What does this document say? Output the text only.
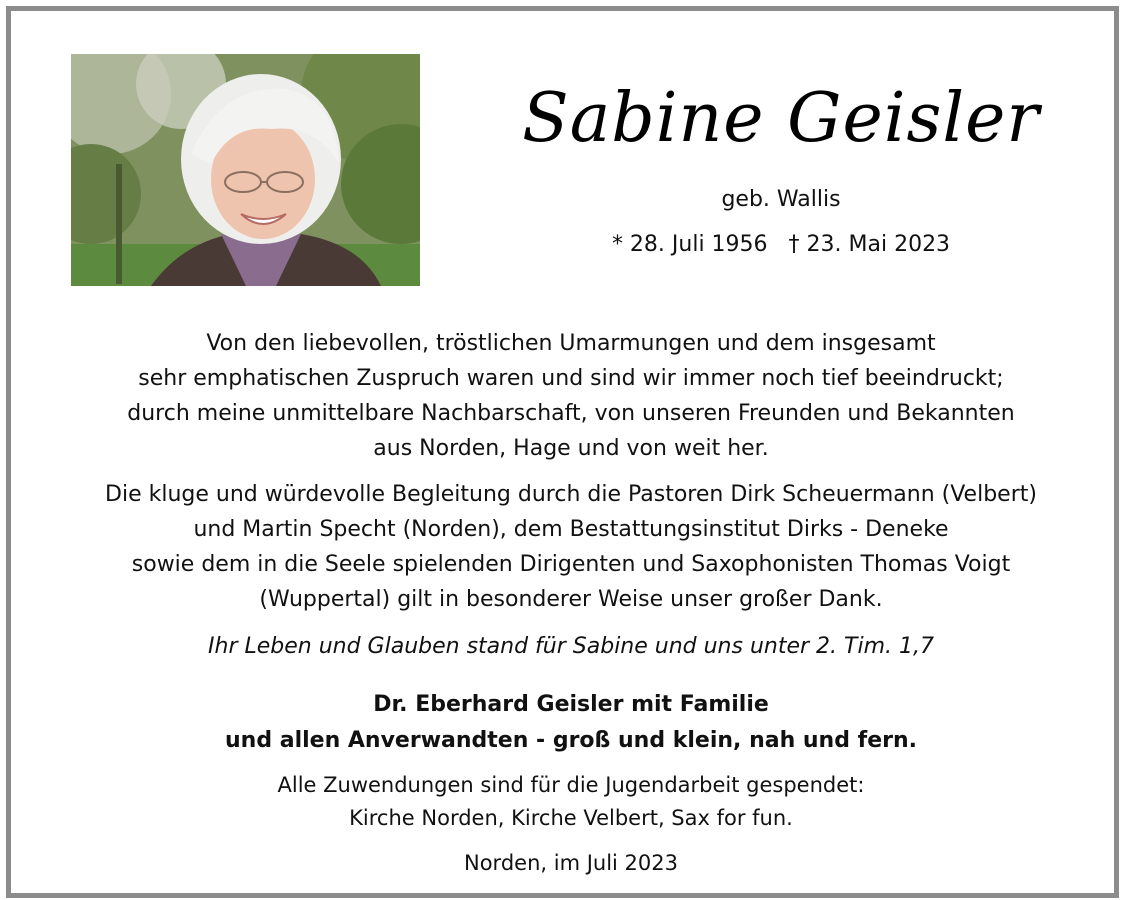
Sabine Geisler
geb. Wallis
* 28. Juli 1956   † 23. Mai 2023
Von den liebevollen, tröstlichen Umarmungen und dem insgesamt
sehr emphatischen Zuspruch waren und sind wir immer noch tief beeindruckt;
durch meine unmittelbare Nachbarschaft, von unseren Freunden und Bekannten
aus Norden, Hage und von weit her.
Die kluge und würdevolle Begleitung durch die Pastoren Dirk Scheuermann (Velbert)
und Martin Specht (Norden), dem Bestattungsinstitut Dirks - Deneke
sowie dem in die Seele spielenden Dirigenten und Saxophonisten Thomas Voigt
(Wuppertal) gilt in besonderer Weise unser großer Dank.
Ihr Leben und Glauben stand für Sabine und uns unter 2. Tim. 1,7
Dr. Eberhard Geisler mit Familie
und allen Anverwandten - groß und klein, nah und fern.
Alle Zuwendungen sind für die Jugendarbeit gespendet:
Kirche Norden, Kirche Velbert, Sax for fun.
Norden, im Juli 2023
